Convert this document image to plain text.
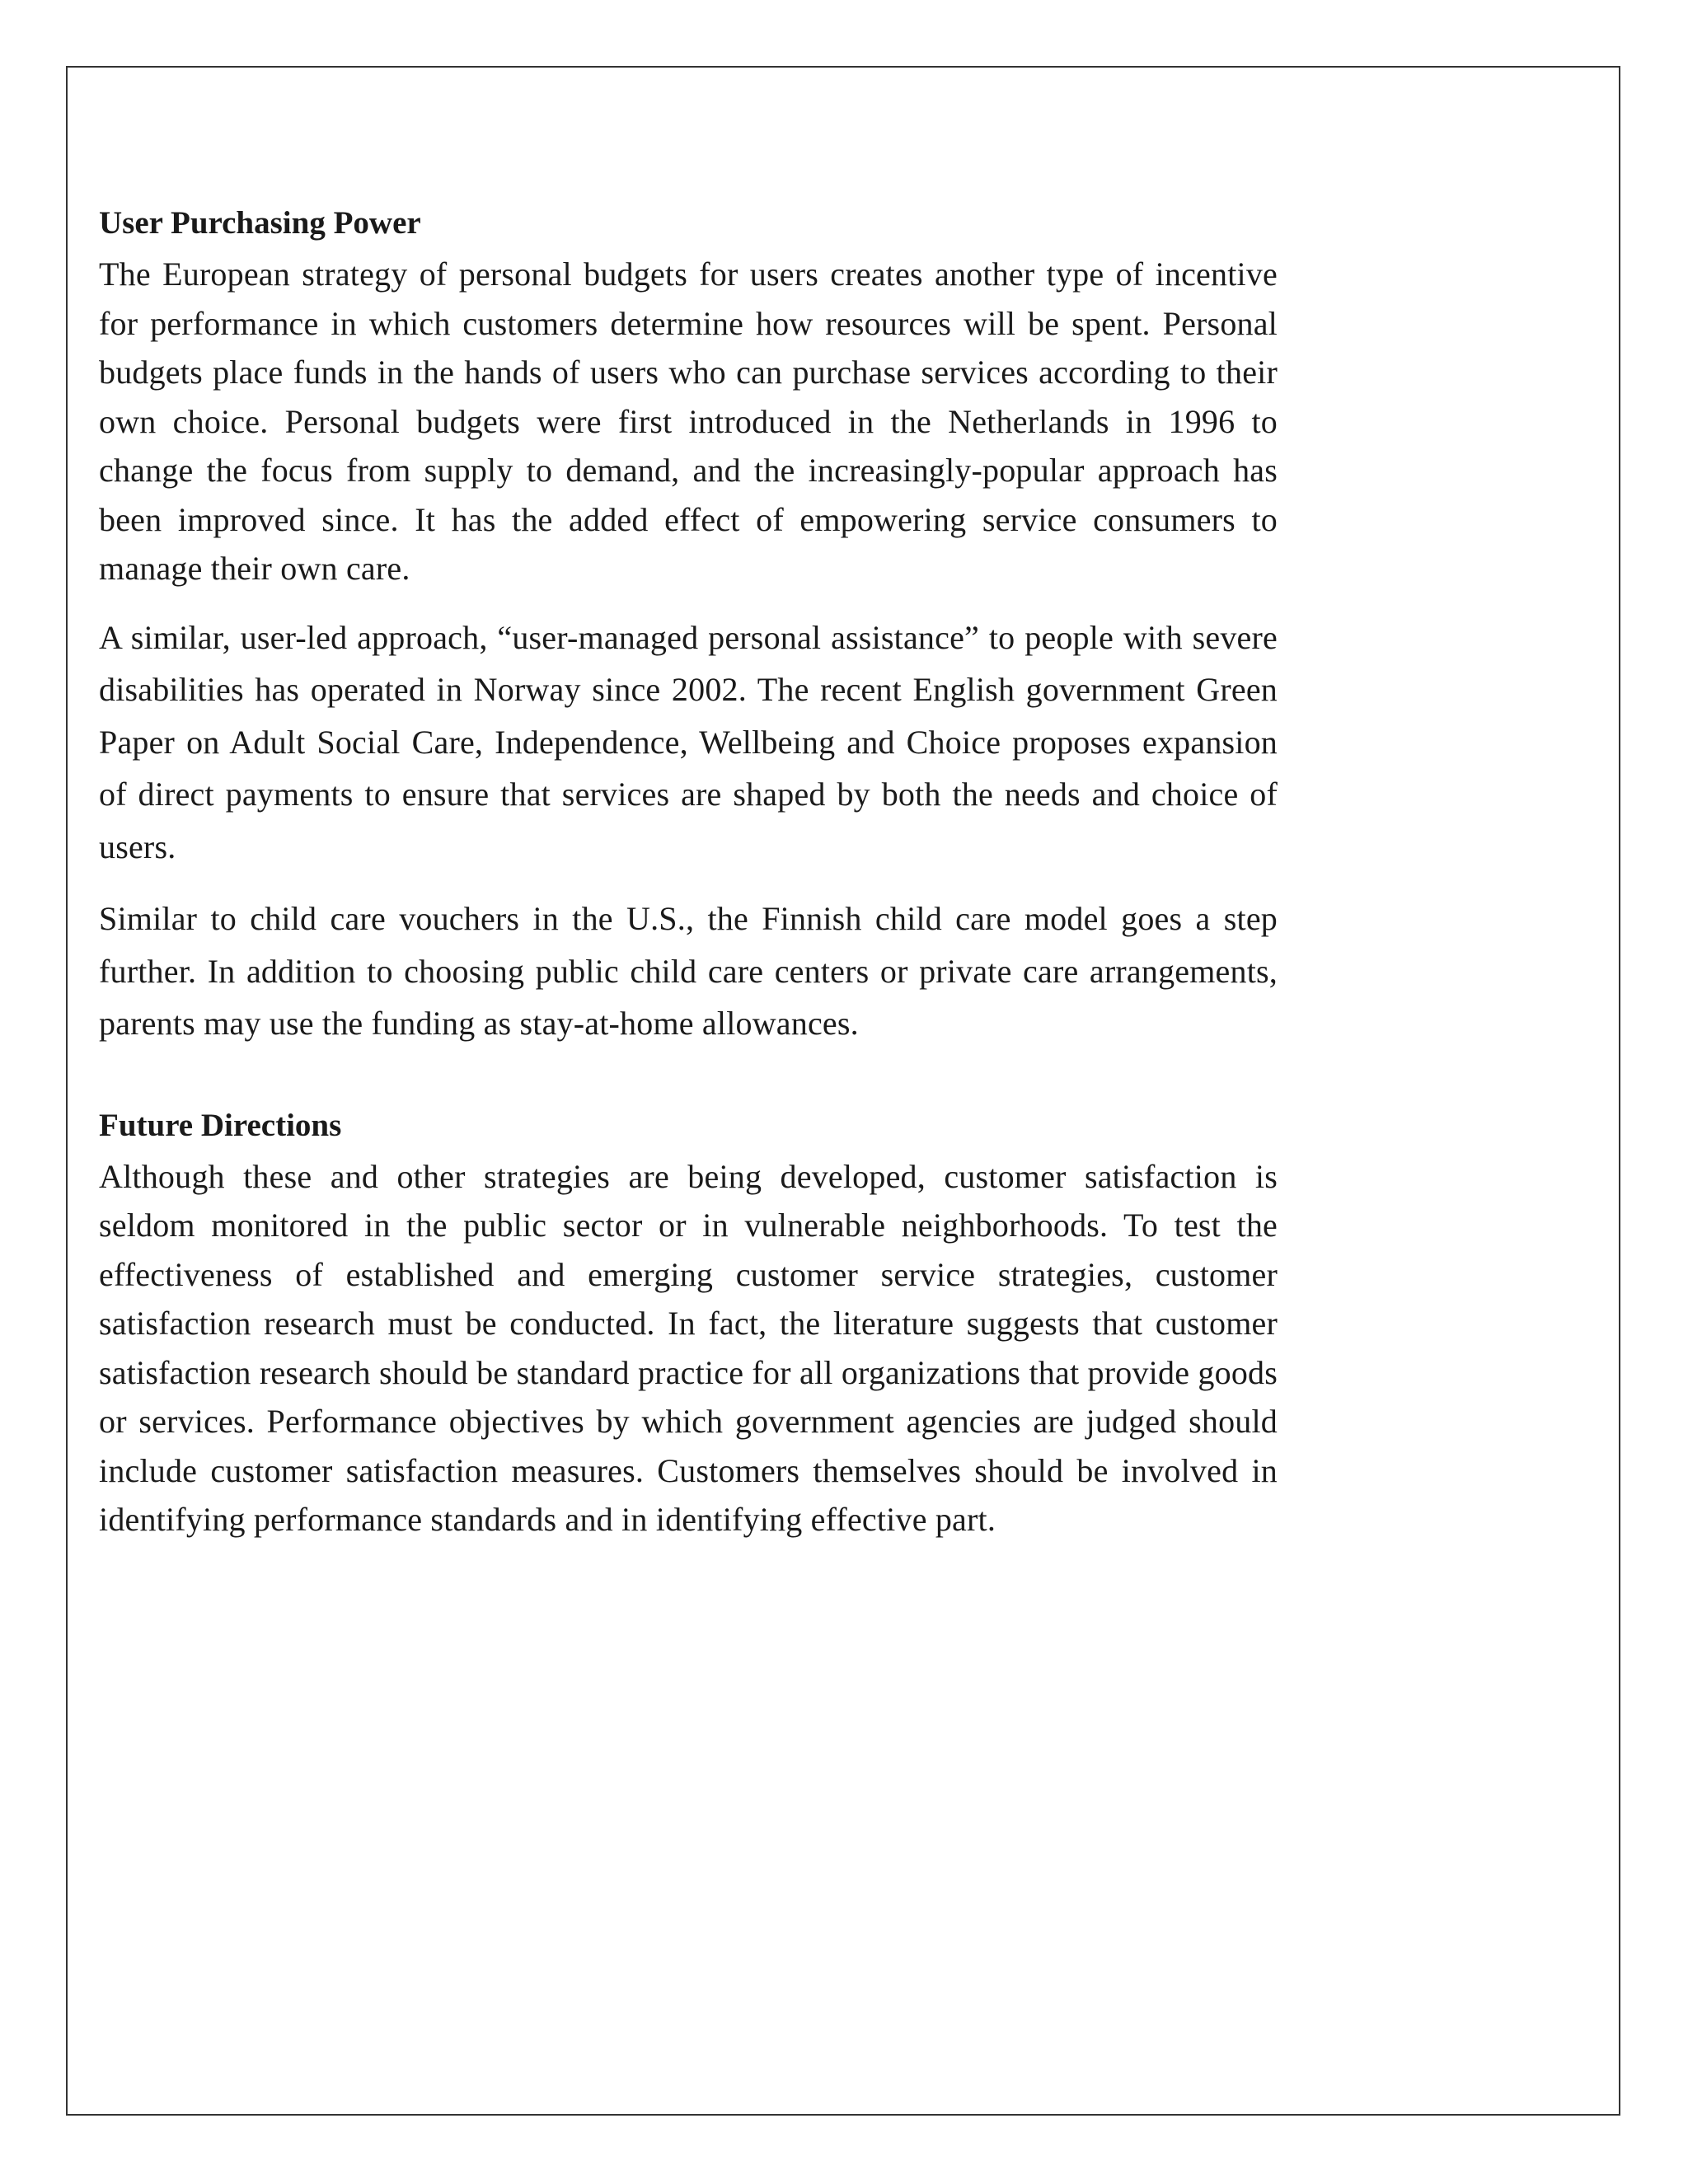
User Purchasing Power

The European strategy of personal budgets for users creates another type of incentive for performance in which customers determine how resources will be spent. Personal budgets place funds in the hands of users who can purchase services according to their own choice. Personal budgets were first introduced in the Netherlands in 1996 to change the focus from supply to demand, and the increasingly-popular approach has been improved since. It has the added effect of empowering service consumers to manage their own care.

A similar, user-led approach, “user-managed personal assistance” to people with severe disabilities has operated in Norway since 2002. The recent English government Green Paper on Adult Social Care, Independence, Wellbeing and Choice proposes expansion of direct payments to ensure that services are shaped by both the needs and choice of users.

Similar to child care vouchers in the U.S., the Finnish child care model goes a step further. In addition to choosing public child care centers or private care arrangements, parents may use the funding as stay-at-home allowances.

Future Directions

Although these and other strategies are being developed, customer satisfaction is seldom monitored in the public sector or in vulnerable neighborhoods. To test the effectiveness of established and emerging customer service strategies, customer satisfaction research must be conducted. In fact, the literature suggests that customer satisfaction research should be standard practice for all organizations that provide goods or services. Performance objectives by which government agencies are judged should include customer satisfaction measures. Customers themselves should be involved in identifying performance standards and in identifying effective part.
